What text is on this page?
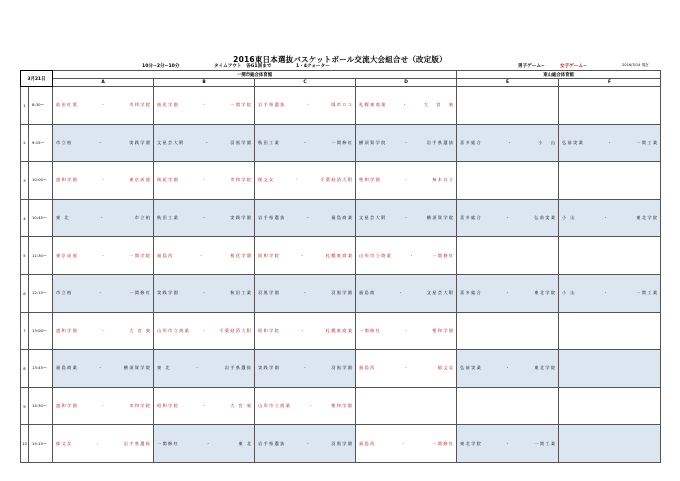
2016東日本選抜バスケットボール交流大会組合せ（改定版）
10分−2分−10分	タイムアウト　各G1回まで	1・4クォーター	男子ゲーム−	女子ゲーム−	2016/3/14 現在
3月21日		一関市総合体育館				東山総合体育館	
		A	B	C	D	E	F
1	8:30〜	前 田 紅 葉 - 市 和 学 院	桜 花 学 園 - 一 関 学 院	岩 手 県 選 抜 - 岡 市 ロ ユ	札 幌 東 商 業 - 大　　宮　　東		

2	9:15〜	市 立 柏 - 実 践 学 園	文 星 芸 大 附 - 羽 黒 学 園	秋 田 工 業 - 一 関 修 紅	横 須 賀 学 院 - 岩 手 県 選 抜	喜 多 総 合 - 小　　山	弘 前 実 業 - 一 関 工 業

3	10:00〜	盛 和 学 園 - 東 京 成 徳	桜 花 学 園 - 市 和 学 院	郁 文 女 - 千 葉 経 済 大 附	聖 和 学 園 - 柿 木 口 立		

4	10:45〜	東　北 - 市 立 柏	秋 田 工 業 - 実 践 学 園	岩 手 県 選 抜 - 福 島 商 業	文 星 芸 大 附 - 横 須 賀 学 院	喜 多 総 合 - 弘 前 実 業	小　山 - 東 北 学 院

5	11:30〜	東 京 成 徳 - 一 関 学 院	福 島 西 - 桜 花 学 園	昭 和 学 院 - 札 幌 東 商 業	山 形 市 立 商 業 - 一 関 修 紅		

6	12:15〜	市 立 柏 - 一 関 修 紅	実 践 学 園 - 秋 田 工 業	羽 黒 学 園 - 羽 黒 学 園	福 島 商 - 文 星 芸 大 附	喜 多 総 合 - 東 北 学 院	小　山 - 一 関 工 業

7	13:00〜	盛 和 学 園 - 大　宮　東	山 形 市 立 商 業 - 千 葉 経 済 大 附	昭 和 学 院 - 札 幌 東 商 業	一 関 修 紅 - 聖 和 学 園		

8	13:45〜	福 島 商 業 - 横 須 賀 学 院	東　北 - 岩 手 県 選 抜	実 践 学 園 - 羽 黒 学 園	福 島 西 - 郁 文 女	弘 前 実 業 - 東 北 学 院	

9	14:30〜	盛 和 学 園 - 市 和 学 院	昭 和 学 院 - 大　宮　東	山 形 市 立 商 業 - 聖 和 学 園			

10	15:15〜	郁 文 女 - 岩 手 県 選 抜	一 関 修 紅 - 東　北	岩 手 県 選 抜 - 羽 黒 学 園	福 島 西 - 一 関 修 紅	東 北 学 院 - 一 関 工 業	
